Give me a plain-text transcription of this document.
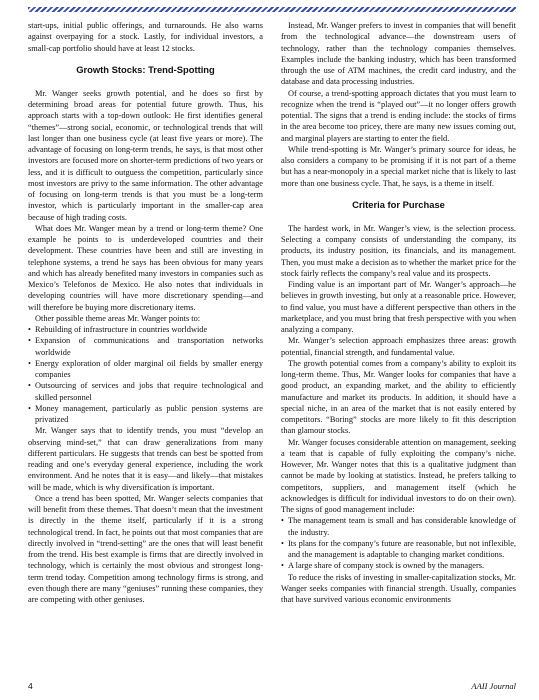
start-ups, initial public offerings, and turnarounds. He also warns against overpaying for a stock. Lastly, for individual investors, a small-cap portfolio should have at least 12 stocks.

Growth Stocks: Trend-Spotting

Mr. Wanger seeks growth potential, and he does so first by determining broad areas for potential future growth. Thus, his approach starts with a top-down outlook: He first identifies general “themes”—strong social, economic, or technological trends that will last longer than one business cycle (at least five years or more). The advantage of focusing on long-term trends, he says, is that most other investors are focused more on shorter-term predictions of two years or less, and it is difficult to outguess the competition, particularly since most investors are privy to the same information. The other advantage of focusing on long-term trends is that you must be a long-term investor, which is particularly important in the smaller-cap area because of high trading costs.

What does Mr. Wanger mean by a trend or long-term theme? One example he points to is underdeveloped countries and their development. These countries have been and still are investing in telephone systems, a trend he says has been obvious for many years and which has already benefited many investors in companies such as Mexico’s Telefonos de Mexico. He also notes that individuals in developing countries will have more discretionary spending—and will therefore be buying more discretionary items.

Other possible theme areas Mr. Wanger points to:

• Rebuilding of infrastructure in countries worldwide
• Expansion of communications and transportation networks worldwide
• Energy exploration of older marginal oil fields by smaller energy companies
• Outsourcing of services and jobs that require technological and skilled personnel
• Money management, particularly as public pension systems are privatized

Mr. Wanger says that to identify trends, you must “develop an observing mind-set,” that can draw generalizations from many different particulars. He suggests that trends can best be spotted from reading and one’s everyday general experience, including the work environment. And he notes that it is easy—and likely—that mistakes will be made, which is why diversification is important.

Once a trend has been spotted, Mr. Wanger selects companies that will benefit from these themes. That doesn’t mean that the investment is directly in the theme itself, particularly if it is a strong technological trend. In fact, he points out that most companies that are directly involved in “trend-setting” are the ones that will least benefit from the trend. His best example is firms that are directly involved in technology, which is certainly the most obvious and strongest long-term trend today. Competition among technology firms is strong, and even though there are many “geniuses” running these companies, they are competing with other geniuses.

Instead, Mr. Wanger prefers to invest in companies that will benefit from the technological advance—the downstream users of technology, rather than the technology companies themselves. Examples include the banking industry, which has been transformed through the use of ATM machines, the credit card industry, and the database and data processing industries.

Of course, a trend-spotting approach dictates that you must learn to recognize when the trend is “played out”—it no longer offers growth potential. The signs that a trend is ending include: the stocks of firms in the area become too pricey, there are many new issues coming out, and marginal players are starting to enter the field.

While trend-spotting is Mr. Wanger’s primary source for ideas, he also considers a company to be promising if it is not part of a theme but has a near-monopoly in a special market niche that is likely to last more than one business cycle. That, he says, is a theme in itself.

Criteria for Purchase

The hardest work, in Mr. Wanger’s view, is the selection process. Selecting a company consists of understanding the company, its products, its industry position, its financials, and its management. Then, you must make a decision as to whether the market price for the stock fairly reflects the company’s real value and its prospects.

Finding value is an important part of Mr. Wanger’s approach—he believes in growth investing, but only at a reasonable price. However, to find value, you must have a different perspective than others in the marketplace, and you must bring that fresh perspective with you when analyzing a company.

Mr. Wanger’s selection approach emphasizes three areas: growth potential, financial strength, and fundamental value.

The growth potential comes from a company’s ability to exploit its long-term theme. Thus, Mr. Wanger looks for companies that have a good product, an expanding market, and the ability to efficiently manufacture and market its products. In addition, it should have a special niche, in an area of the market that is not easily entered by competitors. “Boring” stocks are more likely to fit this description than glamour stocks.

Mr. Wanger focuses considerable attention on management, seeking a team that is capable of fully exploiting the company’s niche. However, Mr. Wanger notes that this is a qualitative judgment than cannot be made by looking at statistics. Instead, he prefers talking to competitors, suppliers, and management itself (which he acknowledges is difficult for individual investors to do on their own). The signs of good management include:

• The management team is small and has considerable knowledge of the industry.
• Its plans for the company’s future are reasonable, but not inflexible, and the management is adaptable to changing market conditions.
• A large share of company stock is owned by the managers.

To reduce the risks of investing in smaller-capitalization stocks, Mr. Wanger seeks companies with financial strength. Usually, companies that have survived various economic environments

4	AAII Journal
